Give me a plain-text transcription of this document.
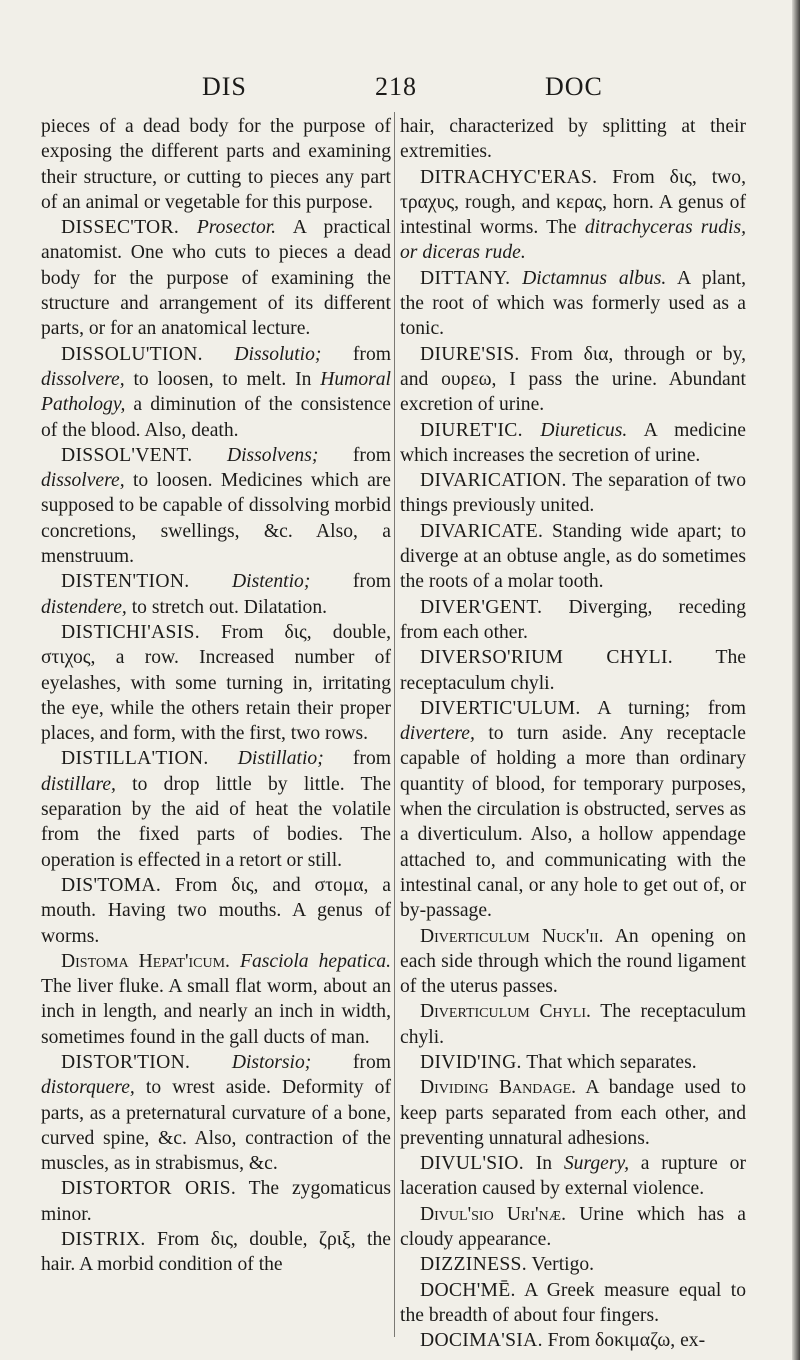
DIS	218	DOC

pieces of a dead body for the purpose of exposing the different parts and examining their structure, or cutting to pieces any part of an animal or vegetable for this purpose.

DISSEC'TOR. Prosector. A practical anatomist. One who cuts to pieces a dead body for the purpose of examining the structure and arrangement of its different parts, or for an anatomical lecture.

DISSOLU'TION. Dissolutio; from dissolvere, to loosen, to melt. In Humoral Pathology, a diminution of the consistence of the blood. Also, death.

DISSOL'VENT. Dissolvens; from dissolvere, to loosen. Medicines which are supposed to be capable of dissolving morbid concretions, swellings, &c. Also, a menstruum.

DISTEN'TION. Distentio; from distendere, to stretch out. Dilatation.

DISTICHI'ASIS. From δις, double, στιχος, a row. Increased number of eyelashes, with some turning in, irritating the eye, while the others retain their proper places, and form, with the first, two rows.

DISTILLA'TION. Distillatio; from distillare, to drop little by little. The separation by the aid of heat the volatile from the fixed parts of bodies. The operation is effected in a retort or still.

DIS'TOMA. From δις, and στομα, a mouth. Having two mouths. A genus of worms.

Distoma Hepat'icum. Fasciola hepatica. The liver fluke. A small flat worm, about an inch in length, and nearly an inch in width, sometimes found in the gall ducts of man.

DISTOR'TION. Distorsio; from distorquere, to wrest aside. Deformity of parts, as a preternatural curvature of a bone, curved spine, &c. Also, contraction of the muscles, as in strabismus, &c.

DISTORTOR ORIS. The zygomaticus minor.

DISTRIX. From δις, double, ζριξ, the hair. A morbid condition of the

hair, characterized by splitting at their extremities.

DITRACHYC'ERAS. From δις, two, τραχυς, rough, and κερας, horn. A genus of intestinal worms. The ditrachyceras rudis, or diceras rude.

DITTANY. Dictamnus albus. A plant, the root of which was formerly used as a tonic.

DIURE'SIS. From δια, through or by, and ουρεω, I pass the urine. Abundant excretion of urine.

DIURET'IC. Diureticus. A medicine which increases the secretion of urine.

DIVARICATION. The separation of two things previously united.

DIVARICATE. Standing wide apart; to diverge at an obtuse angle, as do sometimes the roots of a molar tooth.

DIVER'GENT. Diverging, receding from each other.

DIVERSO'RIUM CHYLI. The receptaculum chyli.

DIVERTIC'ULUM. A turning; from divertere, to turn aside. Any receptacle capable of holding a more than ordinary quantity of blood, for temporary purposes, when the circulation is obstructed, serves as a diverticulum. Also, a hollow appendage attached to, and communicating with the intestinal canal, or any hole to get out of, or by-passage.

Diverticulum Nuck'ii. An opening on each side through which the round ligament of the uterus passes.

Diverticulum Chyli. The receptaculum chyli.

DIVID'ING. That which separates.

Dividing Bandage. A bandage used to keep parts separated from each other, and preventing unnatural adhesions.

DIVUL'SIO. In Surgery, a rupture or laceration caused by external violence.

Divul'sio Uri'næ. Urine which has a cloudy appearance.

DIZZINESS. Vertigo.

DOCH'MĒ. A Greek measure equal to the breadth of about four fingers.

DOCIMA'SIA. From δοκιμαζω, ex-
